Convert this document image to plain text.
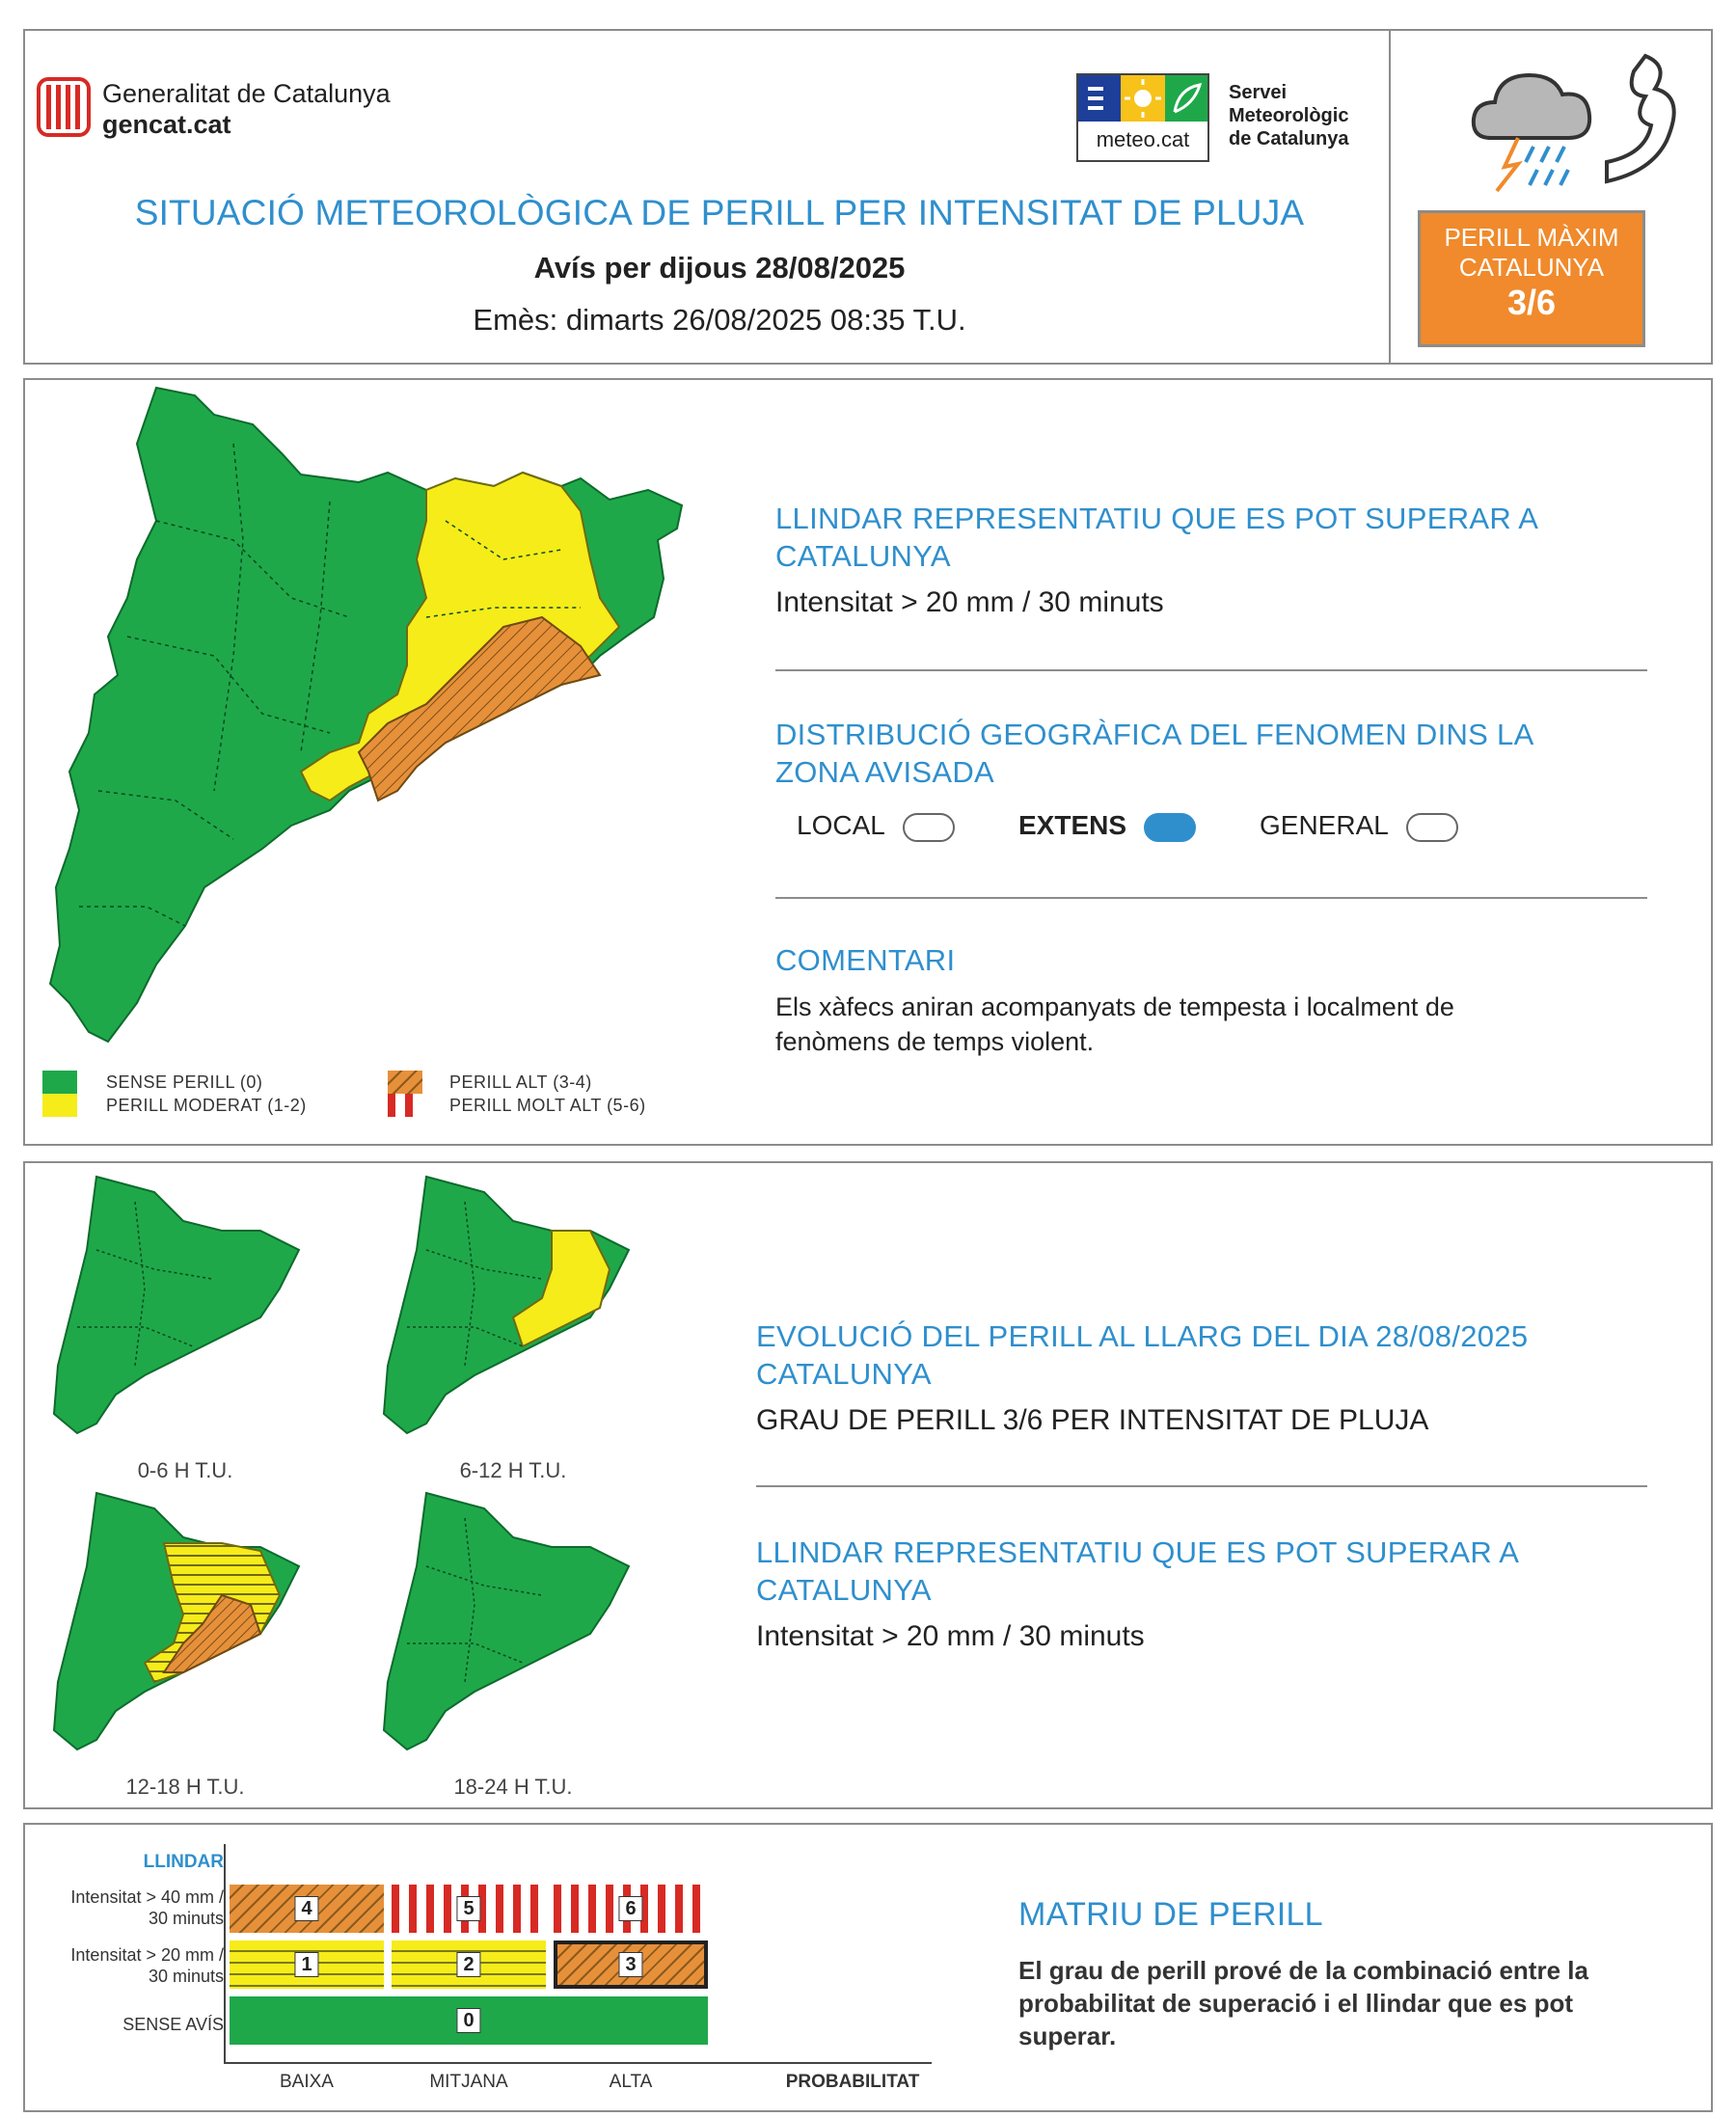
Generalitat de Catalunya
gencat.cat
meteo.cat
Servei
Meteorològic
de Catalunya
SITUACIÓ METEOROLÒGICA DE PERILL PER INTENSITAT DE PLUJA
Avís per dijous 28/08/2025
Emès: dimarts 26/08/2025 08:35 T.U.
PERILL MÀXIM
CATALUNYA
3/6
SENSE PERILL (0)
PERILL MODERAT (1-2)
PERILL ALT (3-4)
PERILL MOLT ALT (5-6)
LLINDAR REPRESENTATIU QUE ES POT SUPERAR A CATALUNYA
Intensitat > 20 mm / 30 minuts
DISTRIBUCIÓ GEOGRÀFICA DEL FENOMEN DINS LA ZONA AVISADA
LOCAL	EXTENS	GENERAL
COMENTARI
Els xàfecs aniran acompanyats de tempesta i localment de fenòmens de temps violent.
0-6 H T.U.	6-12 H T.U.
12-18 H T.U.	18-24 H T.U.
EVOLUCIÓ DEL PERILL AL LLARG DEL DIA 28/08/2025 CATALUNYA
GRAU DE PERILL 3/6 PER INTENSITAT DE PLUJA
LLINDAR REPRESENTATIU QUE ES POT SUPERAR A CATALUNYA
Intensitat > 20 mm / 30 minuts
LLINDAR
Intensitat > 40 mm / 30 minuts
Intensitat > 20 mm / 30 minuts
SENSE AVÍS
4	5	6
1	2	3
0
BAIXA	MITJANA	ALTA	PROBABILITAT
MATRIU DE PERILL
El grau de perill prové de la combinació entre la probabilitat de superació i el llindar que es pot superar.
